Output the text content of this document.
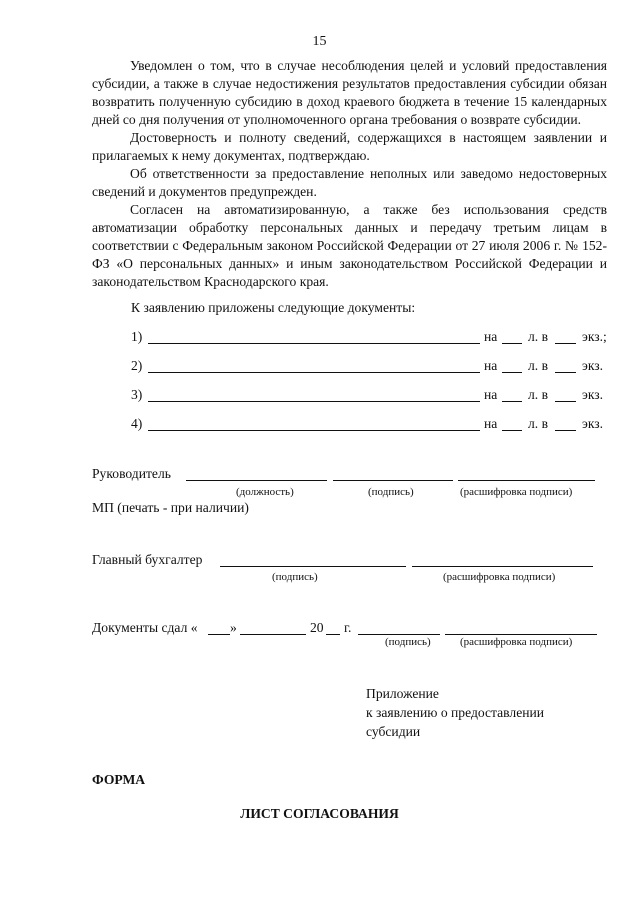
15

Уведомлен о том, что в случае несоблюдения целей и условий предоставления субсидии, а также в случае недостижения результатов предоставления субсидии обязан возвратить полученную субсидию в доход краевого бюджета в течение 15 календарных дней со дня получения от уполномоченного органа требования о возврате субсидии.

Достоверность и полноту сведений, содержащихся в настоящем заявлении и прилагаемых к нему документах, подтверждаю.

Об ответственности за предоставление неполных или заведомо недостоверных сведений и документов предупрежден.

Согласен на автоматизированную, а также без использования средств автоматизации обработку персональных данных и передачу третьим лицам в соответствии с Федеральным законом Российской Федерации от 27 июля 2006 г. № 152-ФЗ «О персональных данных» и иным законодательством Российской Федерации и законодательством Краснодарского края.

К заявлению приложены следующие документы:
1)	на л. в	экз.;
2)	на л. в	экз.
3)	на л. в	экз.
4)	на л. в	экз.
Руководитель
(должность)	(подпись)	(расшифровка подписи)
МП (печать - при наличии)
Главный бухгалтер
(подпись)	(расшифровка подписи)
Документы сдал « »	20 г.
(подпись)	(расшифровка подписи)
Приложение
к заявлению о предоставлении
субсидии
ФОРМА
ЛИСТ СОГЛАСОВАНИЯ
